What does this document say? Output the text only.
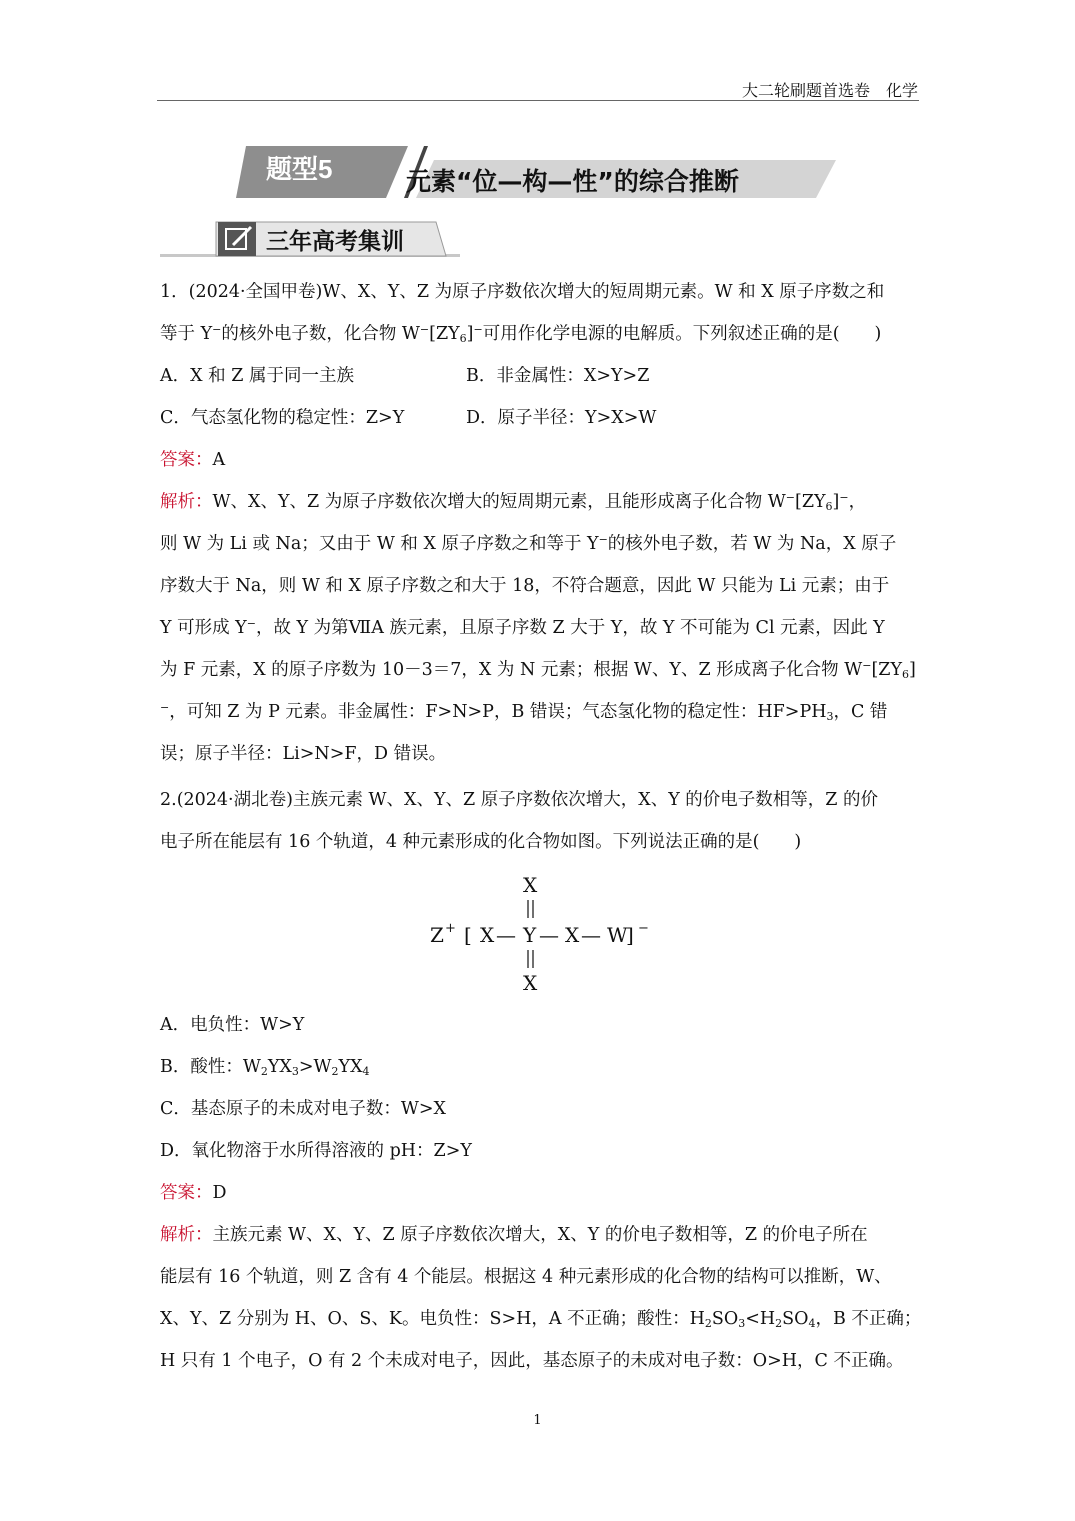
大二轮刷题首选卷　化学
题型5	元素“位—构—性”的综合推断
三年高考集训
1．(2024·全国甲卷)W、X、Y、Z 为原子序数依次增大的短周期元素。W 和 X 原子序数之和
等于 Y−的核外电子数，化合物 $W^-[ZY_6]^-$可用作化学电源的电解质。下列叙述正确的是(　　)
A．X 和 Z 属于同一主族	B．非金属性：X>Y>Z
C．气态氢化物的稳定性：Z>Y	D．原子半径：Y>X>W
答案：A
解析：W、X、Y、Z 为原子序数依次增大的短周期元素，且能形成离子化合物 $W^-[ZY_6]^-$，
则 W 为 Li 或 Na；又由于 W 和 X 原子序数之和等于 Y−的核外电子数，若 W 为 Na，X 原子
序数大于 Na，则 W 和 X 原子序数之和大于 18，不符合题意，因此 W 只能为 Li 元素；由于
Y 可形成 Y−，故 Y 为第ⅦA 族元素，且原子序数 Z 大于 Y，故 Y 不可能为 Cl 元素，因此 Y
为 F 元素，X 的原子序数为 10－3＝7，X 为 N 元素；根据 W、Y、Z 形成离子化合物 $W^-[ZY_6]$
−，可知 Z 为 P 元素。非金属性：F>N>P，B 错误；气态氢化物的稳定性：$HF>PH_3$，C 错
误；原子半径：Li>N>F，D 错误。
2.(2024·湖北卷)主族元素 W、X、Y、Z 原子序数依次增大，X、Y 的价电子数相等，Z 的价
电子所在能层有 16 个轨道，4 种元素形成的化合物如图。下列说法正确的是(　　)
X
Z + [ X — Y — X — W
] −
X
A．电负性：W>Y
B．酸性：$W_2YX_3>W_2YX_4$
C．基态原子的未成对电子数：W>X
D．氧化物溶于水所得溶液的 pH：Z>Y
答案：D
解析：主族元素 W、X、Y、Z 原子序数依次增大，X、Y 的价电子数相等，Z 的价电子所在
能层有 16 个轨道，则 Z 含有 4 个能层。根据这 4 种元素形成的化合物的结构可以推断，W、
X、Y、Z 分别为 H、O、S、K。电负性：S>H，A 不正确；酸性：$H_2SO_3<H_2SO_4$，B 不正确；
H 只有 1 个电子，O 有 2 个未成对电子，因此，基态原子的未成对电子数：O>H，C 不正确。
1
